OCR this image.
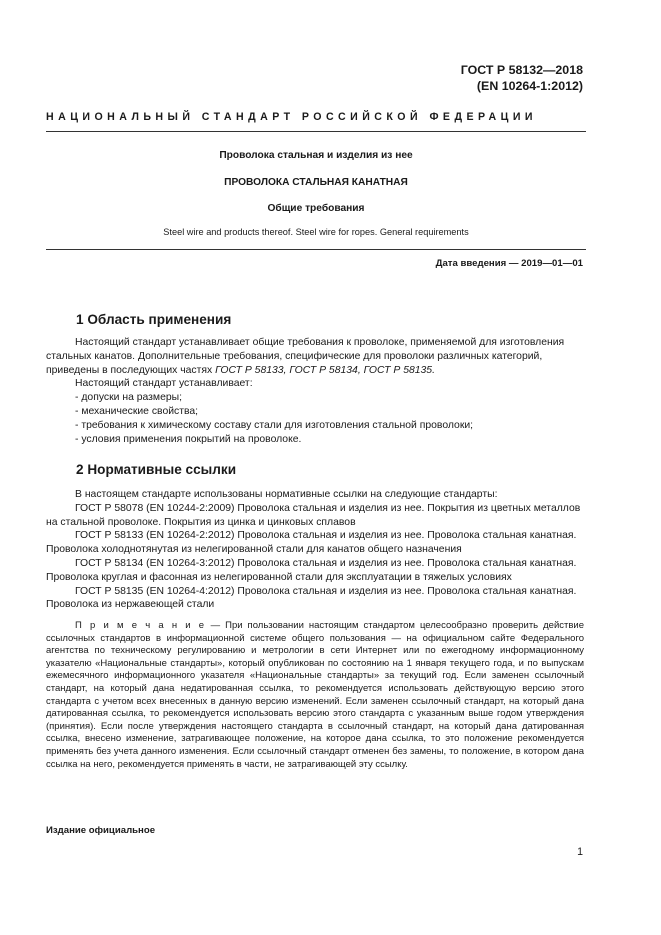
ГОСТ Р 58132—2018
(EN 10264-1:2012)
НАЦИОНАЛЬНЫЙ СТАНДАРТ РОССИЙСКОЙ ФЕДЕРАЦИИ
Проволока стальная и изделия из нее
ПРОВОЛОКА СТАЛЬНАЯ КАНАТНАЯ
Общие требования
Steel wire and products thereof. Steel wire for ropes. General requirements
Дата введения — 2019—01—01
1 Область применения

Настоящий стандарт устанавливает общие требования к проволоке, применяемой для изготовления стальных канатов. Дополнительные требования, специфические для проволоки различных категорий, приведены в последующих частях ГОСТ Р 58133, ГОСТ Р 58134, ГОСТ Р 58135.

Настоящий стандарт устанавливает:

- допуски на размеры;

- механические свойства;

- требования к химическому составу стали для изготовления стальной проволоки;

- условия применения покрытий на проволоке.

2 Нормативные ссылки

В настоящем стандарте использованы нормативные ссылки на следующие стандарты:

ГОСТ Р 58078 (EN 10244-2:2009) Проволока стальная и изделия из нее. Покрытия из цветных металлов на стальной проволоке. Покрытия из цинка и цинковых сплавов

ГОСТ Р 58133 (EN 10264-2:2012) Проволока стальная и изделия из нее. Проволока стальная канатная. Проволока холоднотянутая из нелегированной стали для канатов общего назначения

ГОСТ Р 58134 (EN 10264-3:2012) Проволока стальная и изделия из нее. Проволока стальная канатная. Проволока круглая и фасонная из нелегированной стали для эксплуатации в тяжелых условиях

ГОСТ Р 58135 (EN 10264-4:2012) Проволока стальная и изделия из нее. Проволока стальная канатная. Проволока из нержавеющей стали

П р и м е ч а н и е — При пользовании настоящим стандартом целесообразно проверить действие ссылочных стандартов в информационной системе общего пользования — на официальном сайте Федерального агентства по техническому регулированию и метрологии в сети Интернет или по ежегодному информационному указателю «Национальные стандарты», который опубликован по состоянию на 1 января текущего года, и по выпускам ежемесячного информационного указателя «Национальные стандарты» за текущий год. Если заменен ссылочный стандарт, на который дана недатированная ссылка, то рекомендуется использовать действующую версию этого стандарта с учетом всех внесенных в данную версию изменений. Если заменен ссылочный стандарт, на который дана датированная ссылка, то рекомендуется использовать версию этого стандарта с указанным выше годом утверждения (принятия). Если после утверждения настоящего стандарта в ссылочный стандарт, на который дана датированная ссылка, внесено изменение, затрагивающее положение, на которое дана ссылка, то это положение рекомендуется применять без учета данного изменения. Если ссылочный стандарт отменен без замены, то положение, в котором дана ссылка на него, рекомендуется применять в части, не затрагивающей эту ссылку.
Издание официальное
1
